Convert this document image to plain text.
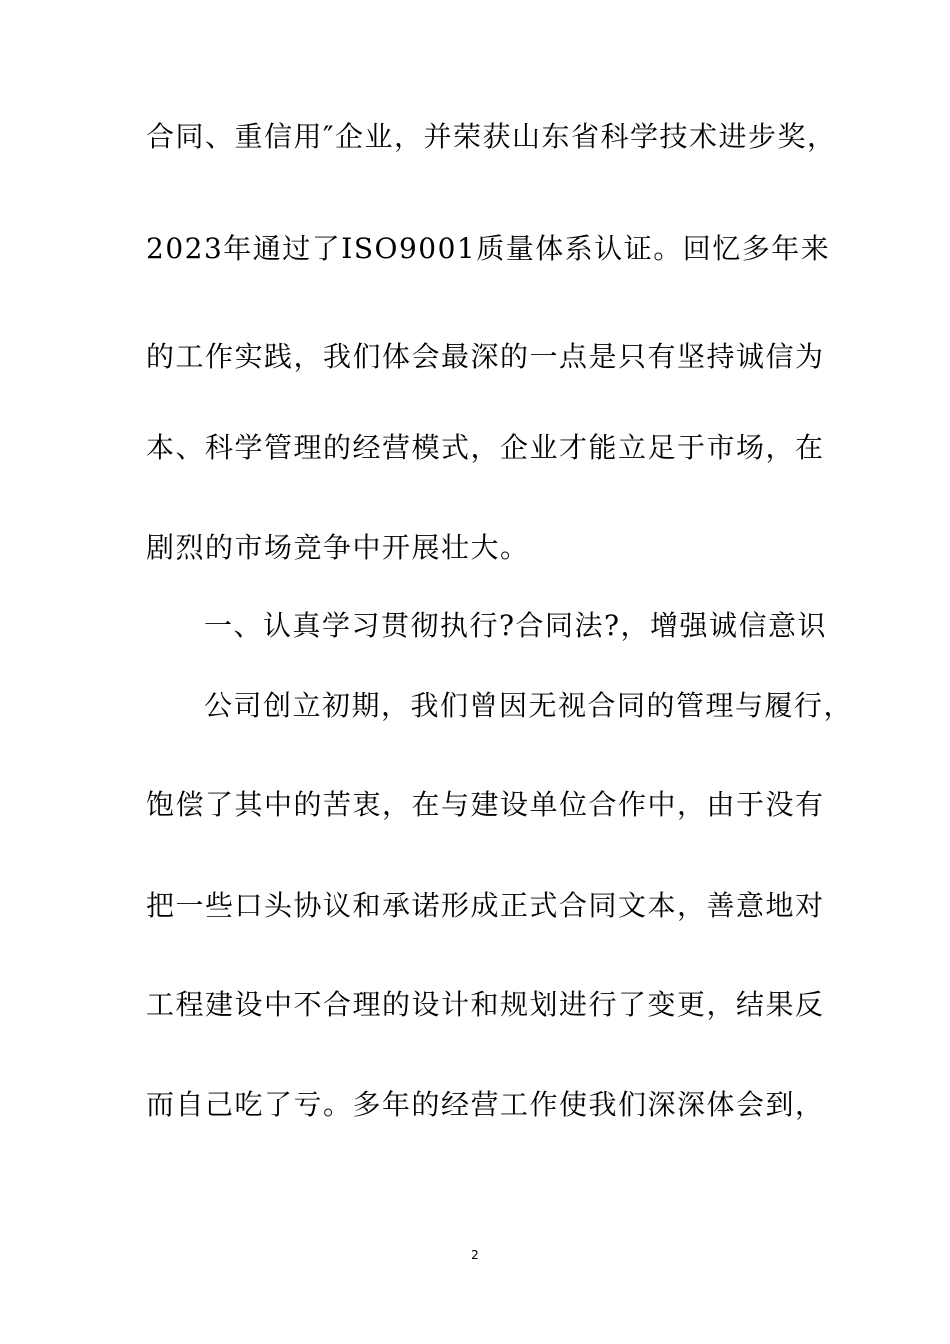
合同、重信用″企业，并荣获山东省科学技术进步奖，
2023年通过了ISO9001质量体系认证。回忆多年来
的工作实践，我们体会最深的一点是只有坚持诚信为
本、科学管理的经营模式，企业才能立足于市场，在
剧烈的市场竞争中开展壮大。
一、认真学习贯彻执行?合同法?，增强诚信意识
公司创立初期，我们曾因无视合同的管理与履行，
饱偿了其中的苦衷，在与建设单位合作中，由于没有
把一些口头协议和承诺形成正式合同文本，善意地对
工程建设中不合理的设计和规划进行了变更，结果反
而自己吃了亏。多年的经营工作使我们深深体会到，
2
